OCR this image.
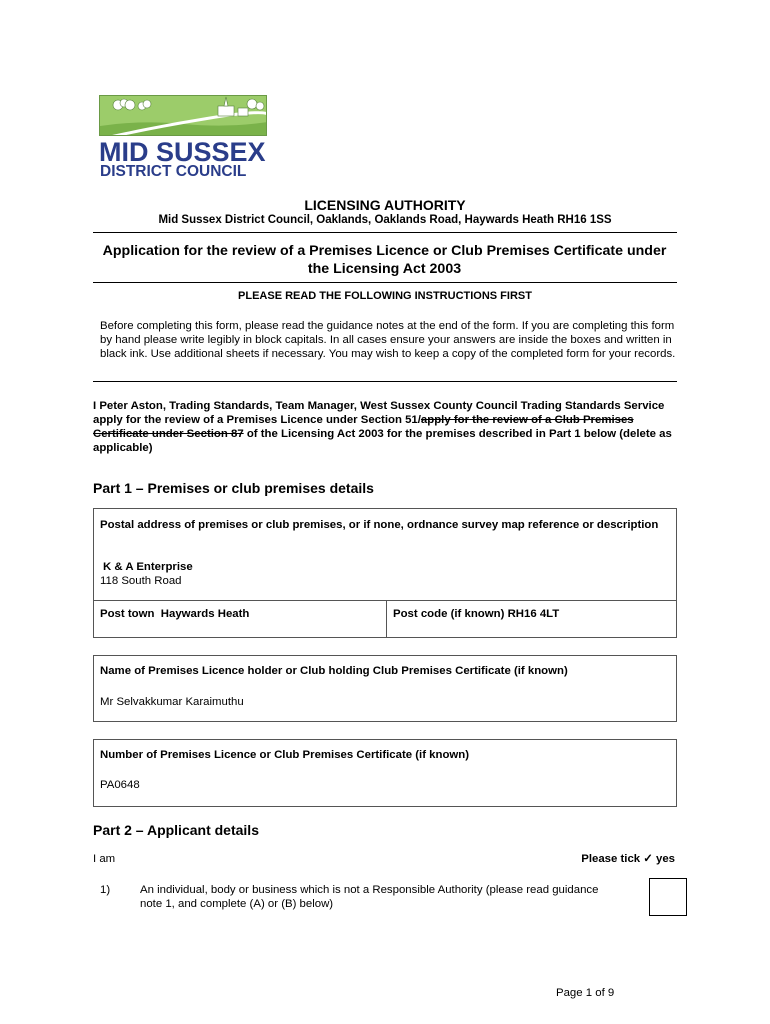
MID SUSSEX
DISTRICT COUNCIL
LICENSING AUTHORITY
Mid Sussex District Council, Oaklands, Oaklands Road, Haywards Heath RH16 1SS
Application for the review of a Premises Licence or Club Premises Certificate under the Licensing Act 2003
PLEASE READ THE FOLLOWING INSTRUCTIONS FIRST
Before completing this form, please read the guidance notes at the end of the form. If you are completing this form by hand please write legibly in block capitals. In all cases ensure your answers are inside the boxes and written in black ink. Use additional sheets if necessary. You may wish to keep a copy of the completed form for your records.
I Peter Aston, Trading Standards, Team Manager, West Sussex County Council Trading Standards Service apply for the review of a Premises Licence under Section 51/apply for the review of a Club Premises Certificate under Section 87 of the Licensing Act 2003 for the premises described in Part 1 below (delete as applicable)
Part 1 – Premises or club premises details
Postal address of premises or club premises, or if none, ordnance survey map reference or description
K & A Enterprise
118 South Road
Post town Haywards Heath	Post code (if known) RH16 4LT
Name of Premises Licence holder or Club holding Club Premises Certificate (if known)
Mr Selvakkumar Karaimuthu
Number of Premises Licence or Club Premises Certificate (if known)
PA0648
Part 2 – Applicant details
I am	Please tick ✓ yes
1)	An individual, body or business which is not a Responsible Authority (please read guidance note 1, and complete (A) or (B) below)
Page 1 of 9
